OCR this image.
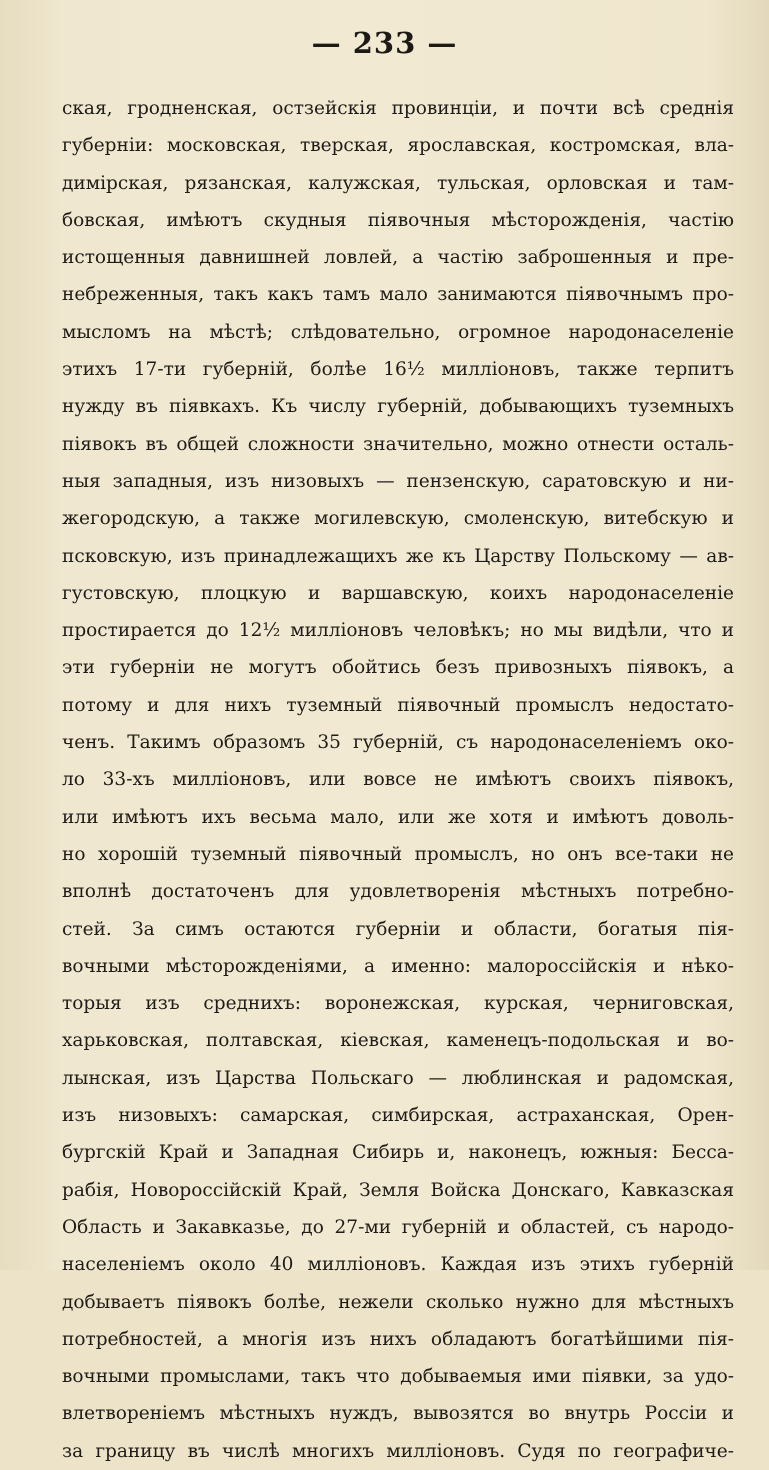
— 233 —
ская, гродненская, остзейскія провинціи, и почти всѣ среднія
губерніи: московская, тверская, ярославская, костромская, вла-
димірская, рязанская, калужская, тульская, орловская и там-
бовская, имѣютъ скудныя піявочныя мѣсторожденія, частію
истощенныя давнишней ловлей, а частію заброшенныя и пре-
небреженныя, такъ какъ тамъ мало занимаются піявочнымъ про-
мысломъ на мѣстѣ; слѣдовательно, огромное народонаселеніе
этихъ 17-ти губерній, болѣе 16½ милліоновъ, также терпитъ
нужду въ піявкахъ. Къ числу губерній, добывающихъ туземныхъ
піявокъ въ общей сложности значительно, можно отнести осталь-
ныя западныя, изъ низовыхъ — пензенскую, саратовскую и ни-
жегородскую, а также могилевскую, смоленскую, витебскую и
псковскую, изъ принадлежащихъ же къ Царству Польскому — ав-
густовскую, плоцкую и варшавскую, коихъ народонаселеніе
простирается до 12½ милліоновъ человѣкъ; но мы видѣли, что и
эти губерніи не могутъ обойтись безъ привозныхъ піявокъ, а
потому и для нихъ туземный піявочный промыслъ недостато-
ченъ. Такимъ образомъ 35 губерній, съ народонаселеніемъ око-
ло 33-хъ милліоновъ, или вовсе не имѣютъ своихъ піявокъ,
или имѣютъ ихъ весьма мало, или же хотя и имѣютъ доволь-
но хорошій туземный піявочный промыслъ, но онъ все-таки не
вполнѣ достаточенъ для удовлетворенія мѣстныхъ потребно-
стей. За симъ остаются губерніи и области, богатыя пія-
вочными мѣсторожденіями, а именно: малороссійскія и нѣко-
торыя изъ среднихъ: воронежская, курская, черниговская,
харьковская, полтавская, кіевская, каменецъ-подольская и во-
лынская, изъ Царства Польскаго — люблинская и радомская,
изъ низовыхъ: самарская, симбирская, астраханская, Орен-
бургскій Край и Западная Сибирь и, наконецъ, южныя: Бесса-
рабія, Новороссійскій Край, Земля Войска Донскаго, Кавказская
Область и Закавказье, до 27-ми губерній и областей, съ народо-
населеніемъ около 40 милліоновъ. Каждая изъ этихъ губерній
добываетъ піявокъ болѣе, нежели сколько нужно для мѣстныхъ
потребностей, а многія изъ нихъ обладаютъ богатѣйшими пія-
вочными промыслами, такъ что добываемыя ими піявки, за удо-
влетвореніемъ мѣстныхъ нуждъ, вывозятся во внутрь Россіи и
за границу въ числѣ многихъ милліоновъ. Судя по географиче-
